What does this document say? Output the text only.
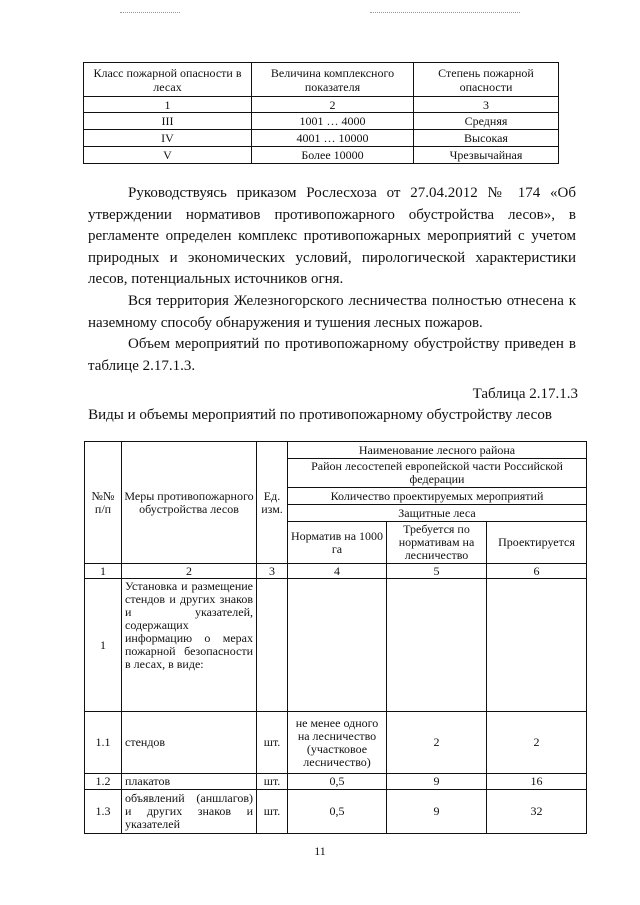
Класс пожарной опасности в лесах	Величина комплексного показателя	Степень пожарной опасности
1	2	3
III	1001 … 4000	Средняя
IV	4001 … 10000	Высокая
V	Более 10000	Чрезвычайная

Руководствуясь приказом Рослесхоза от 27.04.2012 № 174 «Об утверждении нормативов противопожарного обустройства лесов», в регламенте определен комплекс противопожарных мероприятий с учетом природных и экономических условий, пирологической характеристики лесов, потенциальных источников огня.

Вся территория Железногорского лесничества полностью отнесена к наземному способу обнаружения и тушения лесных пожаров.

Объем мероприятий по противопожарному обустройству приведен в таблице 2.17.1.3.

Таблица 2.17.1.3
Виды и объемы мероприятий по противопожарному обустройству лесов
№№ п/п	Меры противопожарного обустройства лесов	Ед. изм.	Наименование лесного района		
			Район лесостепей европейской части Российской федерации		
			Количество проектируемых мероприятий		
			Защитные леса		
			Норматив на 1000 га	Требуется по нормативам на лесничество	Проектируется

1	2	3	4	5	6
1	Установка и размещение стендов и других знаков и указателей, содержащих информацию о мерах пожарной безопасности в лесах, в виде:				
1.1	стендов	шт.	не менее одного на лесничество (участковое лесничество)	2	2
1.2	плакатов	шт.	0,5	9	16
1.3	объявлений (аншлагов) и других знаков и указателей	шт.	0,5	9	32
11
